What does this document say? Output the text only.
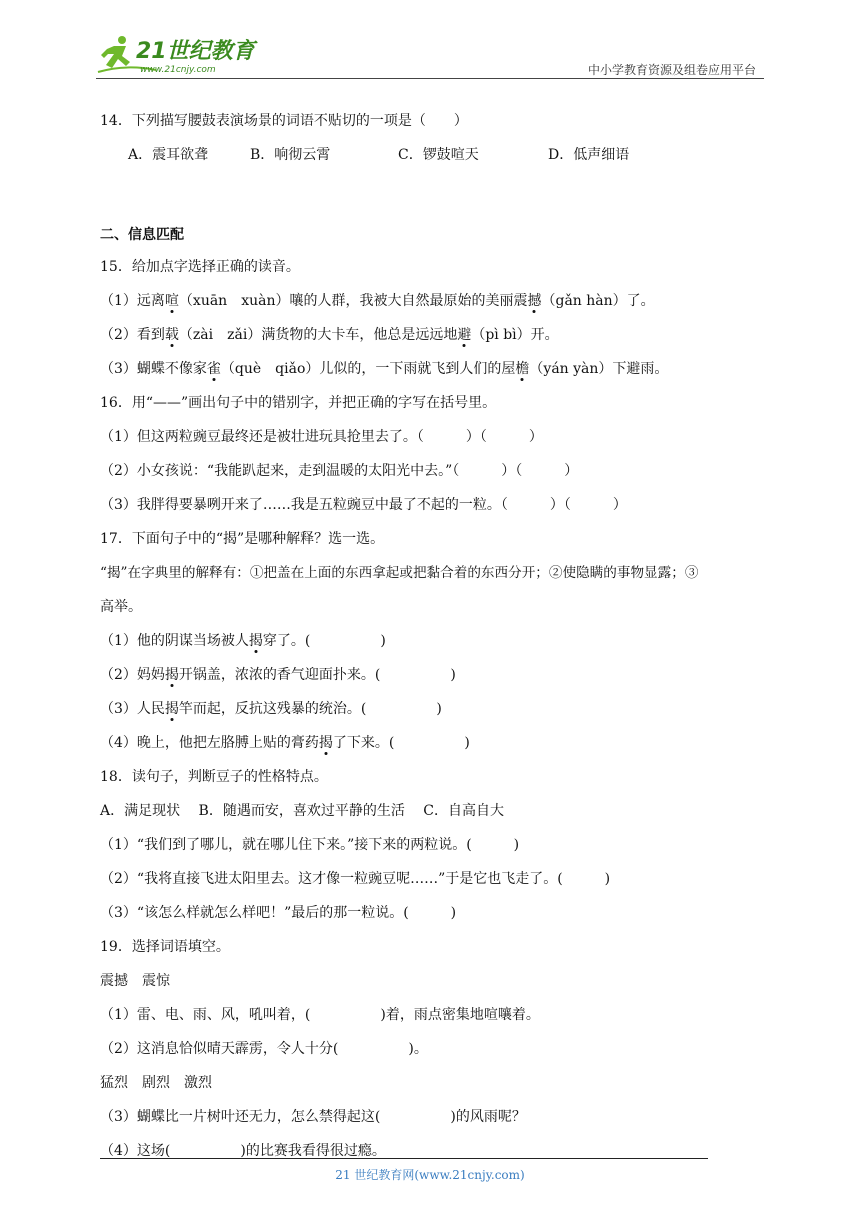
21世纪教育
www.21cnjy.com	中小学教育资源及组卷应用平台
14．下列描写腰鼓表演场景的词语不贴切的一项是（　　）
A．震耳欲聋	B．响彻云霄	C．锣鼓喧天	D．低声细语
二、信息匹配
15．给加点字选择正确的读音。
（1）远离喧（xuān　xuàn）嚷的人群，我被大自然最原始的美丽震撼（gǎn hàn）了。
（2）看到载（zài　zǎi）满货物的大卡车，他总是远远地避（pì bì）开。
（3）蝴蝶不像家雀（què　qiǎo）儿似的，一下雨就飞到人们的屋檐（yán yàn）下避雨。
16．用“——”画出句子中的错别字，并把正确的字写在括号里。
（1）但这两粒豌豆最终还是被壮进玩具抢里去了。（　　　）（　　　）
（2）小女孩说：“我能趴起来，走到温暖的太阳光中去。”（　　　）（　　　）
（3）我胖得要暴咧开来了……我是五粒豌豆中最了不起的一粒。（　　　）（　　　）
17．下面句子中的“揭”是哪种解释？选一选。
“揭”在字典里的解释有：①把盖在上面的东西拿起或把黏合着的东西分开；②使隐瞒的事物显露；③
高举。
（1）他的阴谋当场被人揭穿了。(　　　　　)
（2）妈妈揭开锅盖，浓浓的香气迎面扑来。(　　　　　)
（3）人民揭竿而起，反抗这残暴的统治。(　　　　　)
（4）晚上，他把左胳膊上贴的膏药揭了下来。(　　　　　)
18．读句子，判断豆子的性格特点。
A．满足现状　 B．随遇而安，喜欢过平静的生活　 C．自高自大
（1）“我们到了哪儿，就在哪儿住下来。”接下来的两粒说。(　　　)
（2）“我将直接飞进太阳里去。这才像一粒豌豆呢……”于是它也飞走了。(　　　)
（3）“该怎么样就怎么样吧！”最后的那一粒说。(　　　)
19．选择词语填空。
震撼　震惊
（1）雷、电、雨、风，吼叫着，(　　　　　)着，雨点密集地喧嚷着。
（2）这消息恰似晴天霹雳，令人十分(　　　　　)。
猛烈　剧烈　激烈
（3）蝴蝶比一片树叶还无力，怎么禁得起这(　　　　　)的风雨呢？
（4）这场(　　　　　)的比赛我看得很过瘾。
21 世纪教育网(www.21cnjy.com)
